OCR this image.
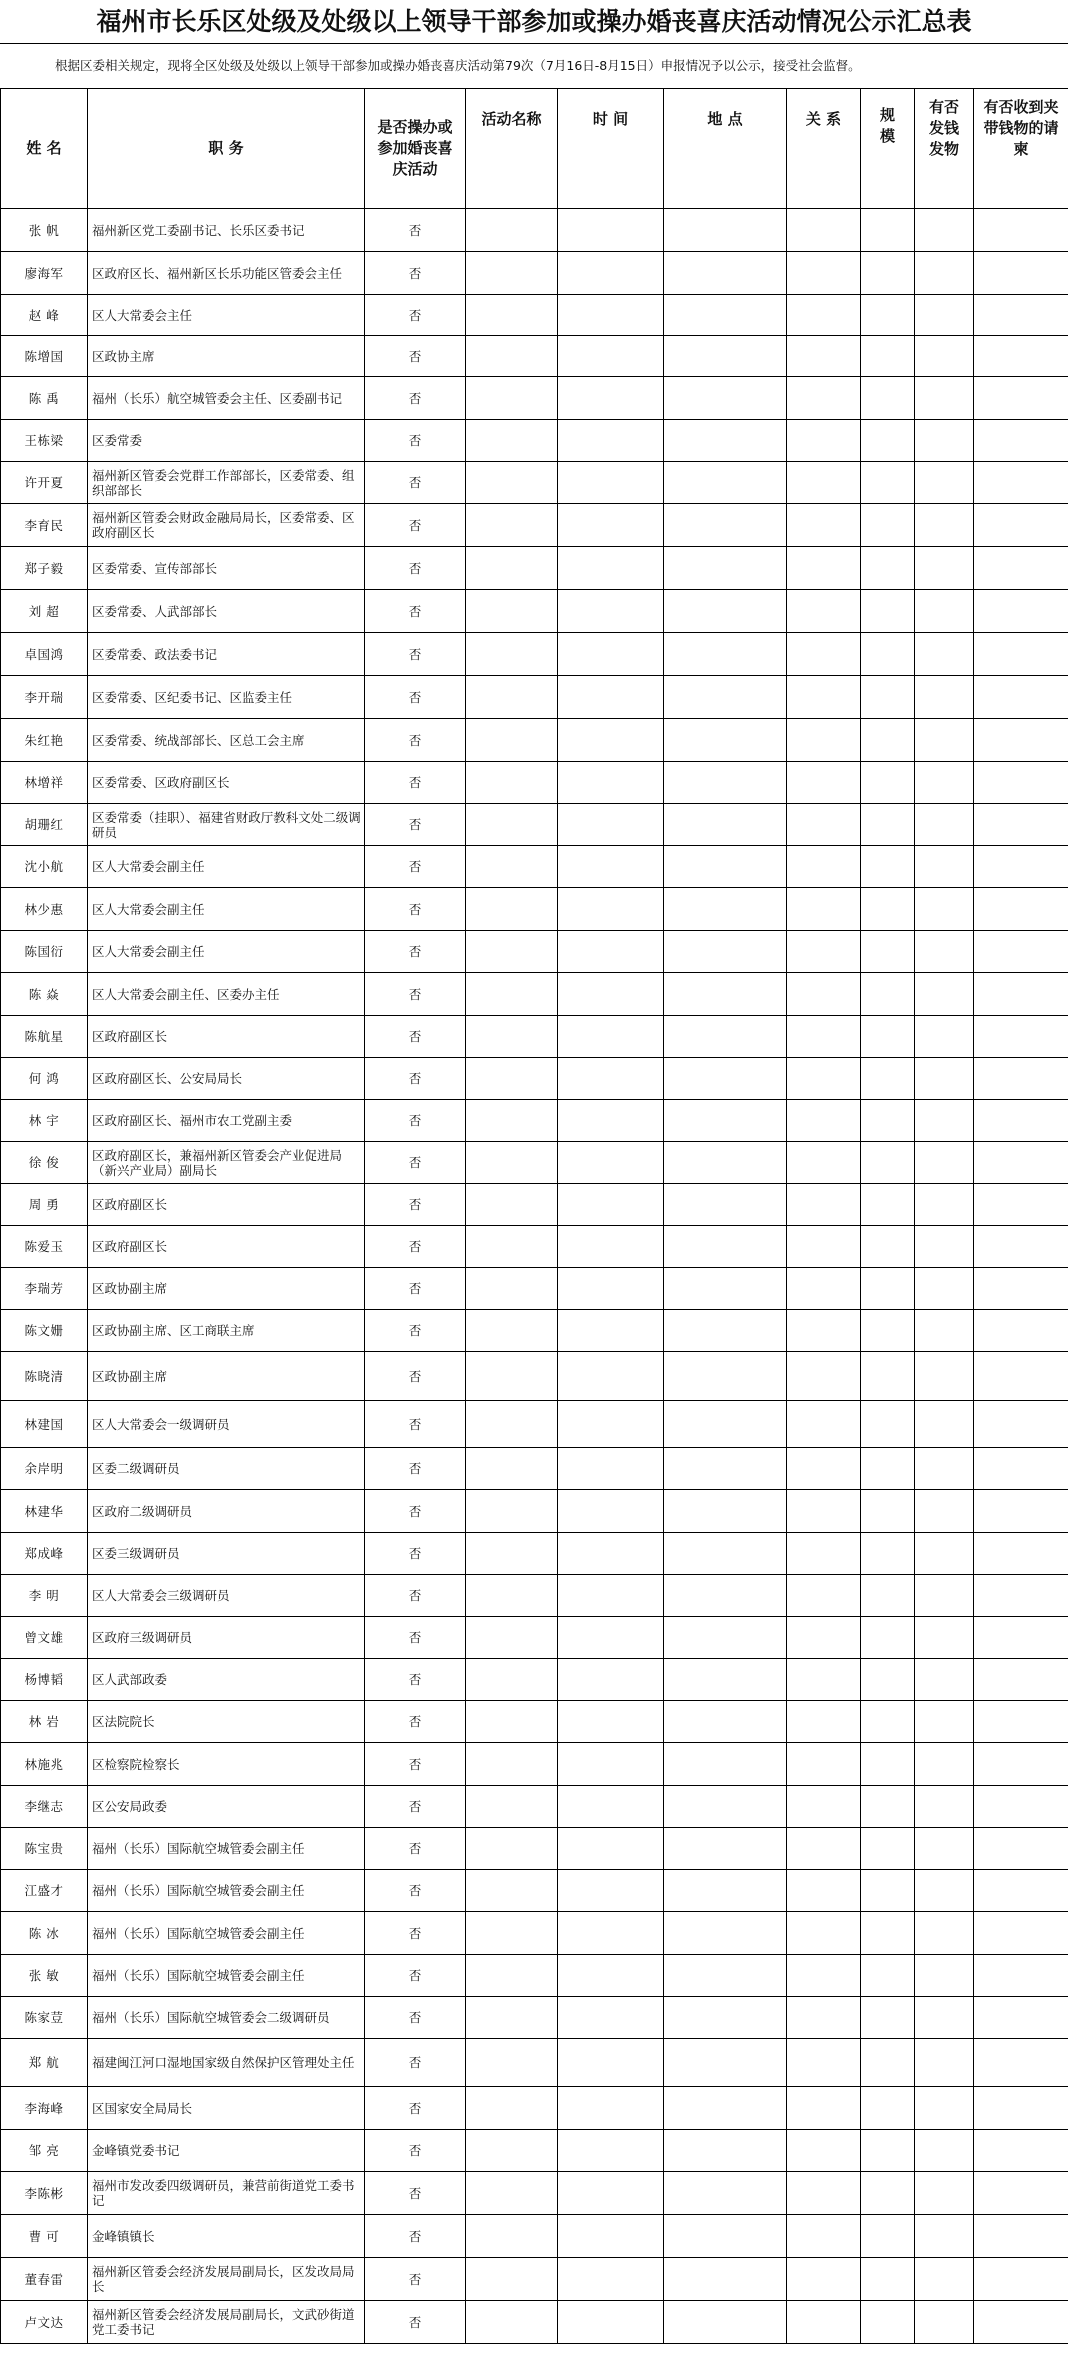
福州市长乐区处级及处级以上领导干部参加或操办婚丧喜庆活动情况公示汇总表
根据区委相关规定，现将全区处级及处级以上领导干部参加或操办婚丧喜庆活动第79次（7月16日-8月15日）申报情况予以公示，接受社会监督。
姓 名	职 务	是否操办或参加婚丧喜庆活动	活动名称	时 间	地 点	关 系	规模	有否发钱发物	有否收到夹带钱物的请柬
张 帆	福州新区党工委副书记、长乐区委书记	否							
廖海军	区政府区长、福州新区长乐功能区管委会主任	否							
赵 峰	区人大常委会主任	否							
陈增国	区政协主席	否							
陈 禹	福州（长乐）航空城管委会主任、区委副书记	否							
王栋梁	区委常委	否							
许开夏	福州新区管委会党群工作部部长，区委常委、组织部部长	否							
李育民	福州新区管委会财政金融局局长，区委常委、区政府副区长	否							
郑子毅	区委常委、宣传部部长	否							
刘 超	区委常委、人武部部长	否							
卓国鸿	区委常委、政法委书记	否							
李开瑞	区委常委、区纪委书记、区监委主任	否							
朱红艳	区委常委、统战部部长、区总工会主席	否							
林增祥	区委常委、区政府副区长	否							
胡珊红	区委常委（挂职）、福建省财政厅教科文处二级调研员	否							
沈小航	区人大常委会副主任	否							
林少惠	区人大常委会副主任	否							
陈国衍	区人大常委会副主任	否							
陈 焱	区人大常委会副主任、区委办主任	否							
陈航星	区政府副区长	否							
何 鸿	区政府副区长、公安局局长	否							
林 宇	区政府副区长、福州市农工党副主委	否							
徐 俊	区政府副区长，兼福州新区管委会产业促进局（新兴产业局）副局长	否							
周 勇	区政府副区长	否							
陈爱玉	区政府副区长	否							
李瑞芳	区政协副主席	否							
陈文姗	区政协副主席、区工商联主席	否							
陈晓清	区政协副主席	否							
林建国	区人大常委会一级调研员	否							
余岸明	区委二级调研员	否							
林建华	区政府二级调研员	否							
郑成峰	区委三级调研员	否							
李 明	区人大常委会三级调研员	否							
曾文雄	区政府三级调研员	否							
杨博韬	区人武部政委	否							
林 岩	区法院院长	否							
林施兆	区检察院检察长	否							
李继志	区公安局政委	否							
陈宝贵	福州（长乐）国际航空城管委会副主任	否							
江盛才	福州（长乐）国际航空城管委会副主任	否							
陈 冰	福州（长乐）国际航空城管委会副主任	否							
张 敏	福州（长乐）国际航空城管委会副主任	否							
陈家荳	福州（长乐）国际航空城管委会二级调研员	否							
郑 航	福建闽江河口湿地国家级自然保护区管理处主任	否							
李海峰	区国家安全局局长	否							
邹 亮	金峰镇党委书记	否							
李陈彬	福州市发改委四级调研员，兼营前街道党工委书记	否							
曹 可	金峰镇镇长	否							
董春雷	福州新区管委会经济发展局副局长，区发改局局长	否							
卢文达	福州新区管委会经济发展局副局长，文武砂街道党工委书记	否							
